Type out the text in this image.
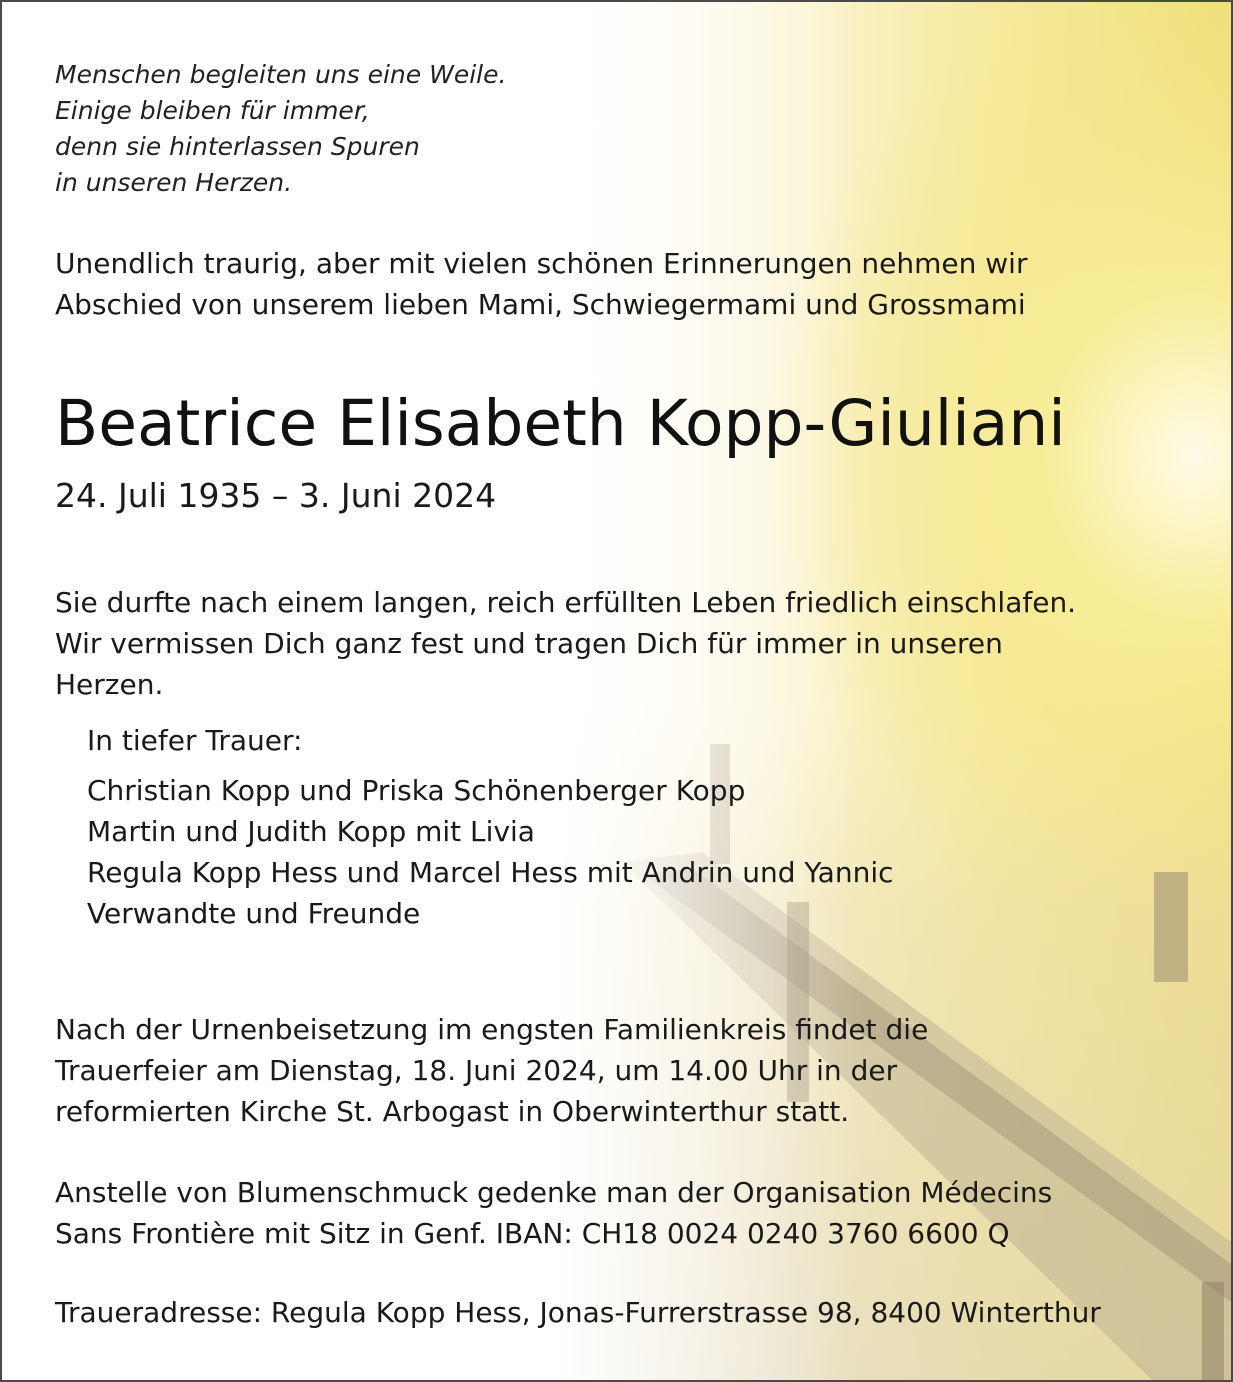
Menschen begleiten uns eine Weile.
Einige bleiben für immer,
denn sie hinterlassen Spuren
in unseren Herzen.
Unendlich traurig, aber mit vielen schönen Erinnerungen nehmen wir
Abschied von unserem lieben Mami, Schwiegermami und Grossmami
Beatrice Elisabeth Kopp-Giuliani
24. Juli 1935 – 3. Juni 2024
Sie durfte nach einem langen, reich erfüllten Leben friedlich einschlafen.
Wir vermissen Dich ganz fest und tragen Dich für immer in unseren
Herzen.
In tiefer Trauer:
Christian Kopp und Priska Schönenberger Kopp
Martin und Judith Kopp mit Livia
Regula Kopp Hess und Marcel Hess mit Andrin und Yannic
Verwandte und Freunde
Nach der Urnenbeisetzung im engsten Familienkreis findet die
Trauerfeier am Dienstag, 18. Juni 2024, um 14.00 Uhr in der
reformierten Kirche St. Arbogast in Oberwinterthur statt.
Anstelle von Blumenschmuck gedenke man der Organisation Médecins
Sans Frontière mit Sitz in Genf. IBAN: CH18 0024 0240 3760 6600 Q
Traueradresse: Regula Kopp Hess, Jonas-Furrerstrasse 98, 8400 Winterthur
